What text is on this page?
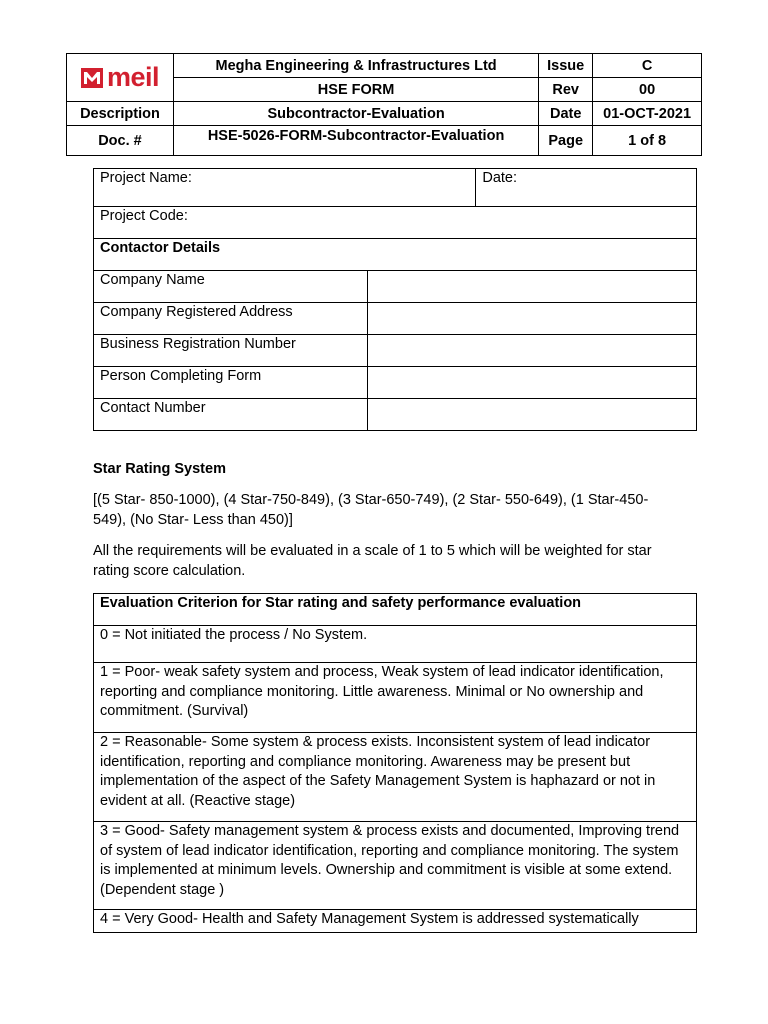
meil	Megha Engineering & Infrastructures Ltd	Issue	C
	HSE FORM	Rev	00
Description	Subcontractor-Evaluation	Date	01-OCT-2021
Doc. #	HSE-5026-FORM-Subcontractor-Evaluation	Page	1 of 8
Project Name:		Date:
Project Code:		
Contactor Details		
Company Name		
Company Registered Address		
Business Registration Number		
Person Completing Form		
Contact Number		

Star Rating System

[(5 Star- 850-1000), (4 Star-750-849), (3 Star-650-749), (2 Star- 550-649), (1 Star-450- 549), (No Star- Less than 450)]

All the requirements will be evaluated in a scale of 1 to 5 which will be weighted for star rating score calculation.

Evaluation Criterion for Star rating and safety performance evaluation
0 = Not initiated the process / No System.
1 = Poor- weak safety system and process, Weak system of lead indicator identification, reporting and compliance monitoring. Little awareness. Minimal or No ownership and commitment. (Survival)
2 = Reasonable- Some system & process exists. Inconsistent system of lead indicator identification, reporting and compliance monitoring. Awareness may be present but implementation of the aspect of the Safety Management System is haphazard or not in evident at all. (Reactive stage)
3 = Good- Safety management system & process exists and documented, Improving trend of system of lead indicator identification, reporting and compliance monitoring. The system is implemented at minimum levels. Ownership and commitment is visible at some extend. (Dependent stage )
4 = Very Good- Health and Safety Management System is addressed systematically
